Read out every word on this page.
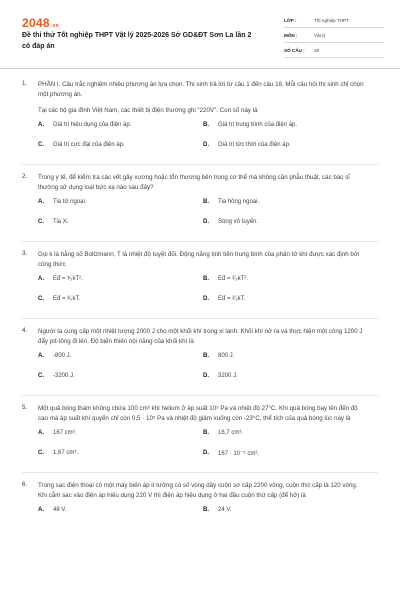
2048.vn
Đề thi thử Tốt nghiệp THPT Vật lý 2025-2026 Sở GD&ĐT Sơn La lần 2 có đáp án
LỚP :	Tốt nghiệp THPT
MÔN :	Vật lý
SỐ CÂU :	28
1. PHẦN I. Câu trắc nghiệm nhiều phương án lựa chọn. Thí sinh trả lời từ câu 1 đến câu 18. Mỗi câu hỏi thí sinh chỉ chọn một phương án.
Tại các hộ gia đình Việt Nam, các thiết bị điện thường ghi "220V". Con số này là
A.	Giá trị hiệu dụng của điện áp.	B.	Giá trị trung bình của điện áp.
C.	Giá trị cực đại của điện áp.	D.	Giá trị tức thời của điện áp.
2. Trong y tế, để kiểm tra các vết gãy xương hoặc tổn thương bên trong cơ thể mà không cần phẫu thuật, các bác sĩ thường sử dụng loại bức xạ nào sau đây?
A.	Tia tử ngoại.	B.	Tia hồng ngoại.
C.	Tia X.	D.	Sóng vô tuyến.
3. Gọi k là hằng số Boltzmann, T là nhiệt độ tuyệt đối. Động năng tịnh tiến trung bình của phân tử khí được xác định bởi công thức
A.	Eđ = ³⁄₂kT².	B.	Eđ = ²⁄₃kT².
C.	Eđ = ³⁄₂kT.	D.	Eđ = ²⁄₃kT.
4. Người ta cung cấp một nhiệt lượng 2000 J cho một khối khí trong xi lanh. Khối khí nở ra và thực hiện một công 1200 J đẩy pít-tông đi lên. Độ biến thiên nội năng của khối khí là
A.	-800 J.	B.	800 J.
C.	-3200 J.	D.	3200 J.
5. Một quả bóng thám không chứa 100 cm³ khí helium ở áp suất 10⁵ Pa và nhiệt độ 27°C. Khi quả bóng bay lên đến độ cao mà áp suất khí quyển chỉ còn 0,5 · 10⁵ Pa và nhiệt độ giảm xuống còn -23°C, thể tích của quả bóng lúc này là
A.	167 cm³.	B.	16,7 cm³.
C.	1,67 cm³.	D.	167 · 10⁻⁵ cm³.
6. Trong sạc điện thoại có một máy biến áp lí tưởng có số vòng dây cuộn sơ cấp 2200 vòng, cuộn thứ cấp là 120 vòng. Khi cắm sạc vào điện áp hiệu dụng 220 V thì điện áp hiệu dụng ở hai đầu cuộn thứ cấp (để hở) là
A.	48 V.	B.	24 V.
